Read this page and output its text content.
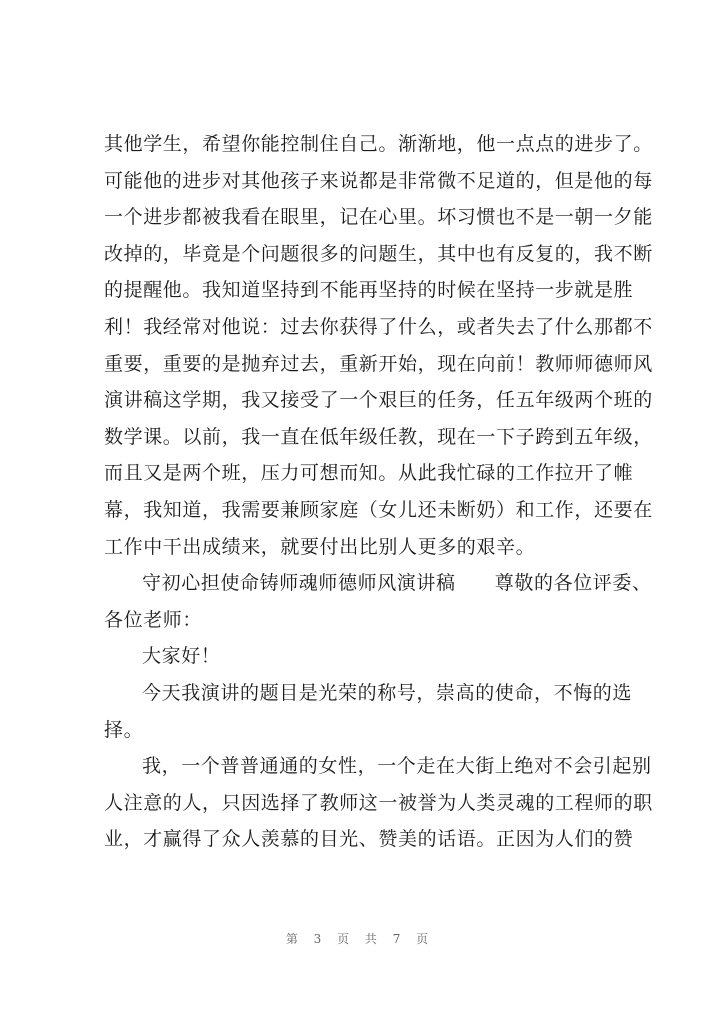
其他学生，希望你能控制住自己。渐渐地，他一点点的进步了。
可能他的进步对其他孩子来说都是非常微不足道的，但是他的每
一个进步都被我看在眼里，记在心里。坏习惯也不是一朝一夕能
改掉的，毕竟是个问题很多的问题生，其中也有反复的，我不断
的提醒他。我知道坚持到不能再坚持的时候在坚持一步就是胜
利！我经常对他说：过去你获得了什么，或者失去了什么那都不
重要，重要的是抛弃过去，重新开始，现在向前！教师师德师风
演讲稿这学期，我又接受了一个艰巨的任务，任五年级两个班的
数学课。以前，我一直在低年级任教，现在一下子跨到五年级，
而且又是两个班，压力可想而知。从此我忙碌的工作拉开了帷
幕，我知道，我需要兼顾家庭（女儿还未断奶）和工作，还要在
工作中干出成绩来，就要付出比别人更多的艰辛。
守初心担使命铸师魂师德师风演讲稿　　尊敬的各位评委、
各位老师：
大家好！
今天我演讲的题目是光荣的称号，崇高的使命，不悔的选
择。
我，一个普普通通的女性，一个走在大街上绝对不会引起别
人注意的人，只因选择了教师这一被誉为人类灵魂的工程师的职
业，才赢得了众人羡慕的目光、赞美的话语。正因为人们的赞
第 3 页 共 7 页
